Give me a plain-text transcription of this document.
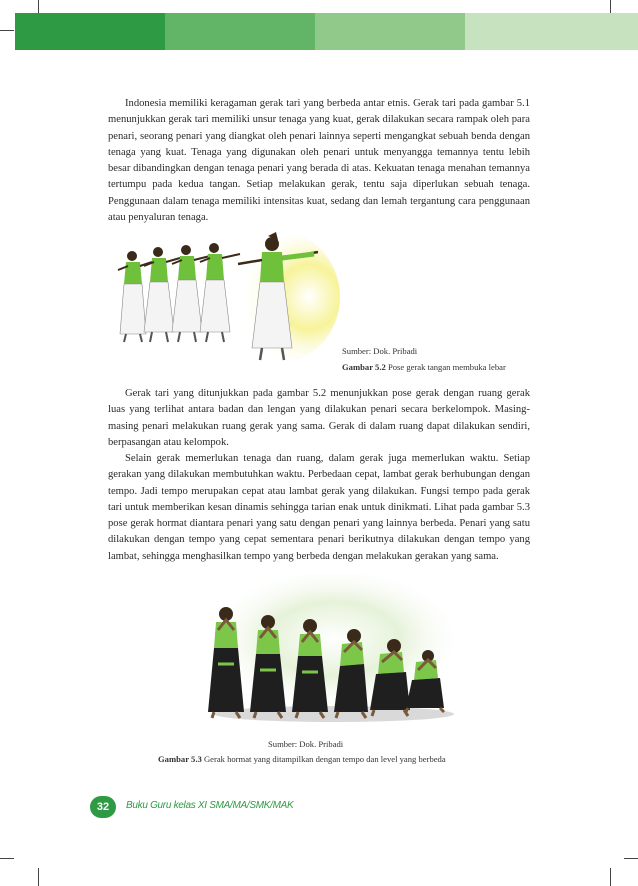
Indonesia memiliki keragaman gerak tari yang berbeda antar etnis. Gerak tari pada gambar 5.1 menunjukkan gerak tari memiliki unsur tenaga yang kuat, gerak dilakukan secara rampak oleh para penari, seorang penari yang diangkat oleh penari lainnya seperti mengangkat sebuah benda dengan tenaga yang kuat. Tenaga yang digunakan oleh penari untuk menyangga temannya tentu lebih besar dibandingkan dengan tenaga penari yang berada di atas. Kekuatan tenaga menahan temannya tertumpu pada kedua tangan. Setiap melakukan gerak, tentu saja diperlukan sebuah tenaga. Penggunaan dalam tenaga memiliki intensitas kuat, sedang dan lemah tergantung cara penggunaan atau penyaluran tenaga.

Sumber: Dok. Pribadi
Gambar 5.2 Pose gerak tangan membuka lebar

Gerak tari yang ditunjukkan pada gambar 5.2 menunjukkan pose gerak dengan ruang gerak luas yang terlihat antara badan dan lengan yang dilakukan penari secara berkelompok. Masing-masing penari melakukan ruang gerak yang sama. Gerak di dalam ruang dapat dilakukan sendiri, berpasangan atau kelompok.

Selain gerak memerlukan tenaga dan ruang, dalam gerak juga memerlukan waktu. Setiap gerakan yang dilakukan membutuhkan waktu. Perbedaan cepat, lambat gerak berhubungan dengan tempo. Jadi tempo merupakan cepat atau lambat gerak yang dilakukan. Fungsi tempo pada gerak tari untuk memberikan kesan dinamis sehingga tarian enak untuk dinikmati. Lihat pada gambar 5.3 pose gerak hormat diantara penari yang satu dengan penari yang lainnya berbeda. Penari yang satu dilakukan dengan tempo yang cepat sementara penari berikutnya dilakukan dengan tempo yang lambat, sehingga menghasilkan tempo yang berbeda dengan melakukan gerakan yang sama.

Sumber: Dok. Pribadi
Gambar 5.3 Gerak hormat yang ditampilkan dengan tempo dan level yang berbeda
32	Buku Guru kelas XI SMA/MA/SMK/MAK
